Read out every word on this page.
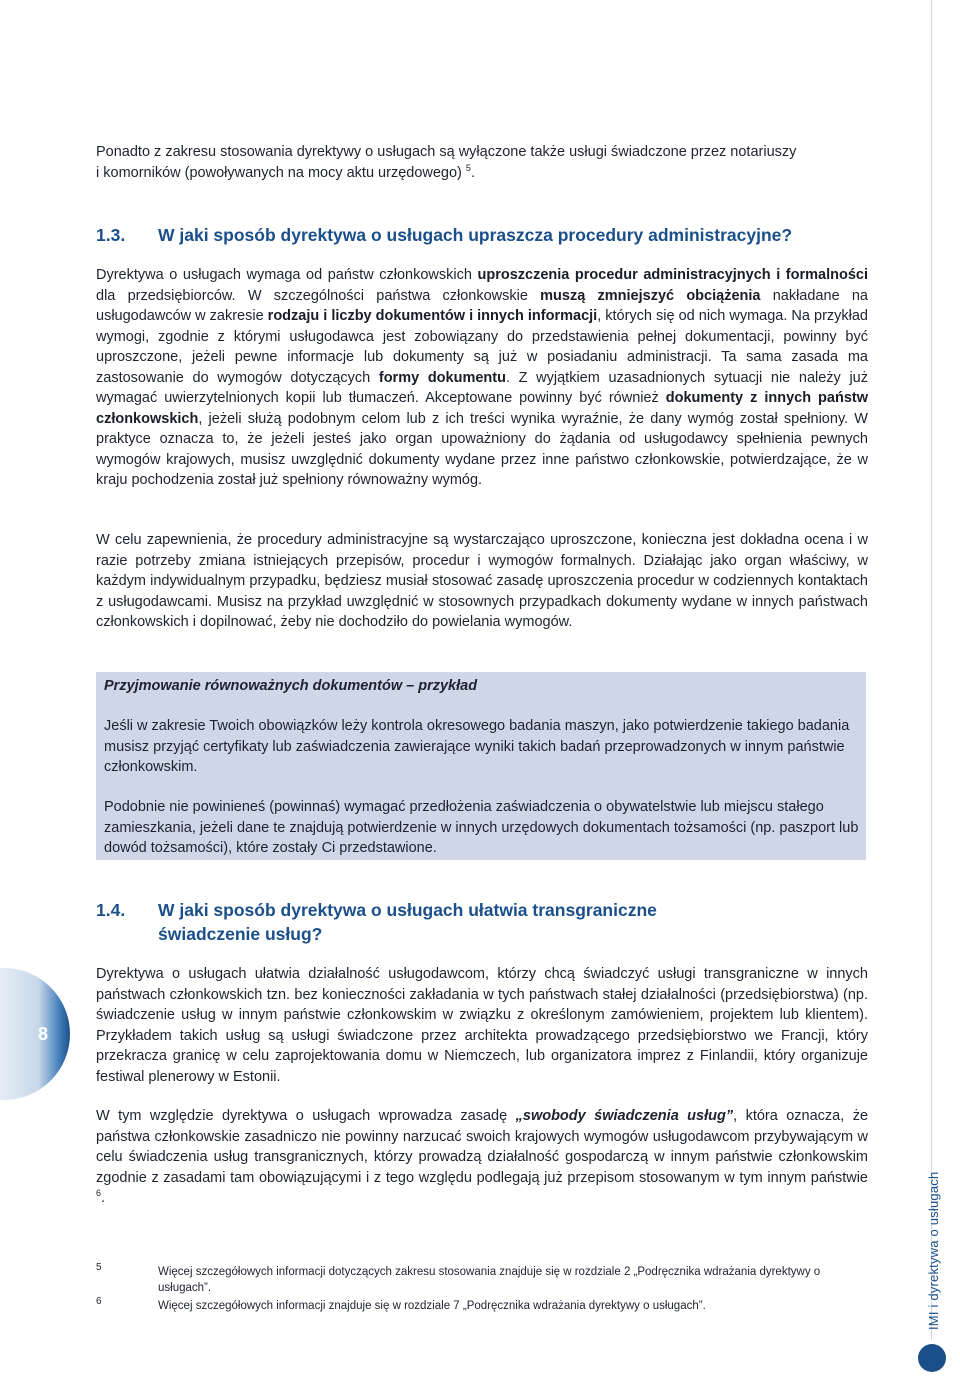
IMI i dyrektywa o usługach
8

Ponadto z zakresu stosowania dyrektywy o usługach są wyłączone także usługi świadczone przez notariuszy
i komorników (powoływanych na mocy aktu urzędowego) $^5$.

1.3. W jaki sposób dyrektywa o usługach upraszcza procedury administracyjne?

Dyrektywa o usługach wymaga od państw członkowskich uproszczenia procedur administracyjnych i formalności dla przedsiębiorców. W szczególności państwa członkowskie muszą zmniejszyć obciążenia nakładane na usługodawców w zakresie rodzaju i liczby dokumentów i innych informacji, których się od nich wymaga. Na przykład wymogi, zgodnie z którymi usługodawca jest zobowiązany do przedstawienia pełnej dokumentacji, powinny być uproszczone, jeżeli pewne informacje lub dokumenty są już w posiadaniu administracji. Ta sama zasada ma zastosowanie do wymogów dotyczących formy dokumentu. Z wyjątkiem uzasadnionych sytuacji nie należy już wymagać uwierzytelnionych kopii lub tłumaczeń. Akceptowane powinny być również dokumenty z innych państw członkowskich, jeżeli służą podobnym celom lub z ich treści wynika wyraźnie, że dany wymóg został spełniony. W praktyce oznacza to, że jeżeli jesteś jako organ upoważniony do żądania od usługodawcy spełnienia pewnych wymogów krajowych, musisz uwzględnić dokumenty wydane przez inne państwo członkowskie, potwierdzające, że w kraju pochodzenia został już spełniony równoważny wymóg.

W celu zapewnienia, że procedury administracyjne są wystarczająco uproszczone, konieczna jest dokładna ocena i w razie potrzeby zmiana istniejących przepisów, procedur i wymogów formalnych. Działając jako organ właściwy, w każdym indywidualnym przypadku, będziesz musiał stosować zasadę uproszczenia procedur w codziennych kontaktach z usługodawcami. Musisz na przykład uwzględnić w stosownych przypadkach dokumenty wydane w innych państwach członkowskich i dopilnować, żeby nie dochodziło do powielania wymogów.

Przyjmowanie równoważnych dokumentów – przykład

Jeśli w zakresie Twoich obowiązków leży kontrola okresowego badania maszyn, jako potwierdzenie takiego badania musisz przyjąć certyfikaty lub zaświadczenia zawierające wyniki takich badań przeprowadzonych w innym państwie członkowskim.

Podobnie nie powinieneś (powinnaś) wymagać przedłożenia zaświadczenia o obywatelstwie lub miejscu stałego zamieszkania, jeżeli dane te znajdują potwierdzenie w innych urzędowych dokumentach tożsamości (np. paszport lub dowód tożsamości), które zostały Ci przedstawione.

1.4. W jaki sposób dyrektywa o usługach ułatwia transgraniczne świadczenie usług?

Dyrektywa o usługach ułatwia działalność usługodawcom, którzy chcą świadczyć usługi transgraniczne w innych państwach członkowskich tzn. bez konieczności zakładania w tych państwach stałej działalności (przedsiębiorstwa) (np. świadczenie usług w innym państwie członkowskim w związku z określonym zamówieniem, projektem lub klientem). Przykładem takich usług są usługi świadczone przez architekta prowadzącego przedsiębiorstwo we Francji, który przekracza granicę w celu zaprojektowania domu w Niemczech, lub organizatora imprez z Finlandii, który organizuje festiwal plenerowy w Estonii.

W tym względzie dyrektywa o usługach wprowadza zasadę „swobody świadczenia usług”, która oznacza, że państwa członkowskie zasadniczo nie powinny narzucać swoich krajowych wymogów usługodawcom przybywającym w celu świadczenia usług transgranicznych, którzy prowadzą działalność gospodarczą w innym państwie członkowskim zgodnie z zasadami tam obowiązującymi i z tego względu podlegają już przepisom stosowanym w tym innym państwie $^6$.

5	Więcej szczegółowych informacji dotyczących zakresu stosowania znajduje się w rozdziale 2 „Podręcznika wdrażania dyrektywy o usługach”.

6	Więcej szczegółowych informacji znajduje się w rozdziale 7 „Podręcznika wdrażania dyrektywy o usługach”.
